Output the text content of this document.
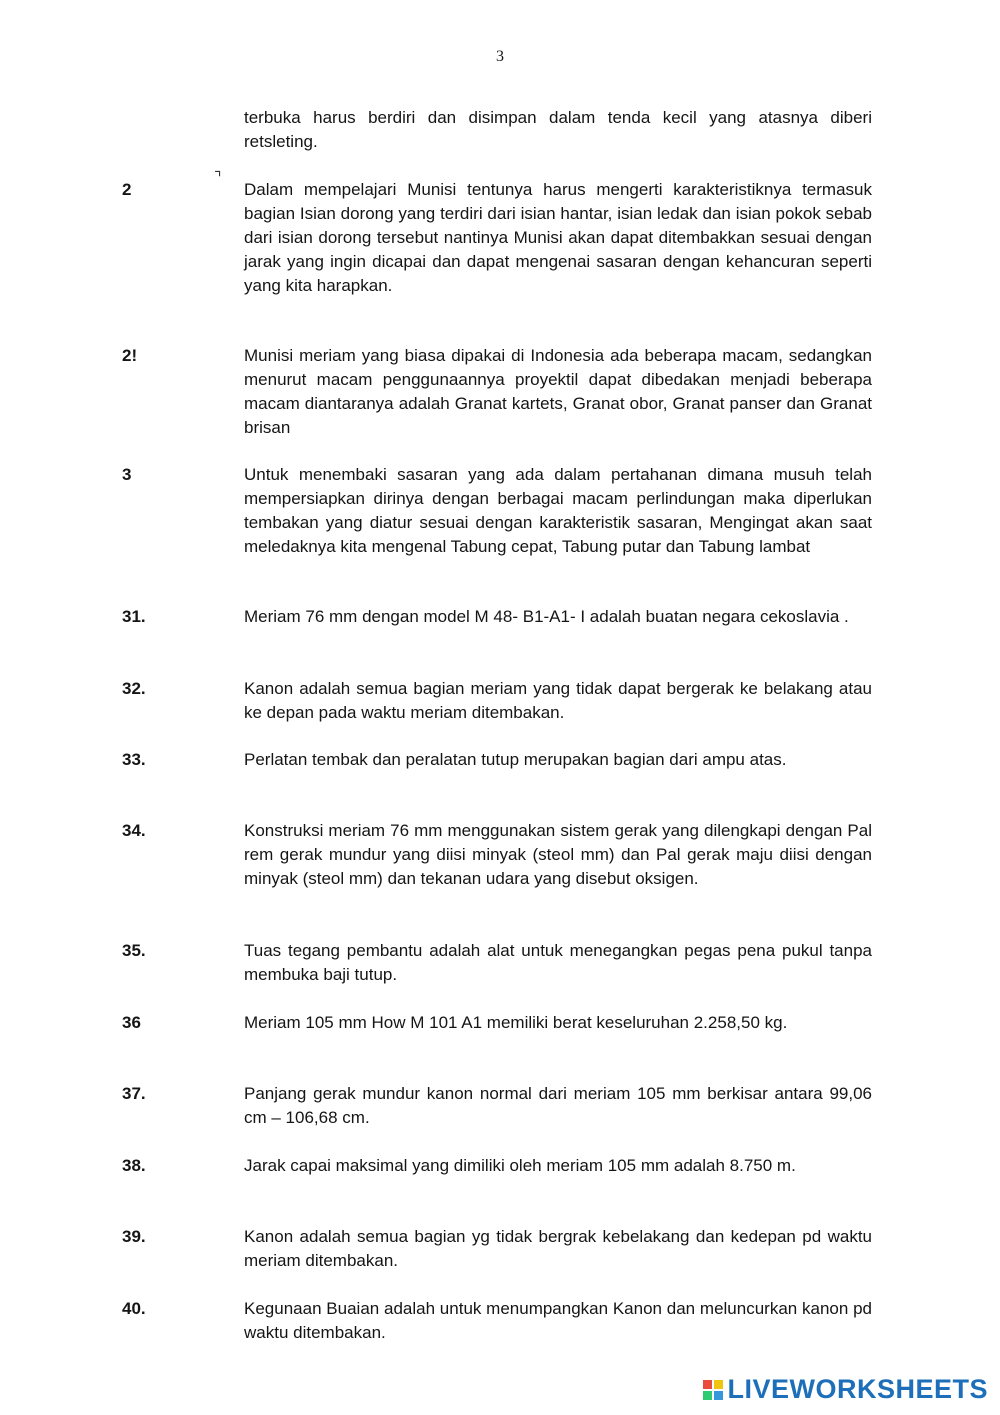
3

terbuka harus berdiri dan disimpan dalam tenda kecil yang atasnya diberi retsleting.

⌝
2	Dalam mempelajari Munisi tentunya harus mengerti karakteristiknya termasuk bagian Isian dorong yang terdiri dari isian hantar, isian ledak dan isian pokok sebab dari isian dorong tersebut nantinya Munisi akan dapat ditembakkan sesuai dengan jarak yang ingin dicapai dan dapat mengenai sasaran dengan kehancuran seperti yang kita harapkan.

2!	Munisi meriam yang biasa dipakai di Indonesia ada beberapa macam, sedangkan menurut macam penggunaannya proyektil dapat dibedakan menjadi beberapa macam diantaranya adalah Granat kartets, Granat obor, Granat panser dan Granat brisan

3	Untuk menembaki sasaran yang ada dalam pertahanan dimana musuh telah mempersiapkan dirinya dengan berbagai macam perlindungan maka diperlukan tembakan yang diatur sesuai dengan karakteristik sasaran, Mengingat akan saat meledaknya kita mengenal Tabung cepat, Tabung putar dan Tabung lambat

31.	Meriam 76 mm dengan model M 48- B1-A1- I adalah buatan negara cekoslavia .

32.	Kanon adalah semua bagian meriam yang tidak dapat bergerak ke belakang atau ke depan pada waktu meriam ditembakan.

33.	Perlatan tembak dan peralatan tutup merupakan bagian dari ampu atas.

34.	Konstruksi meriam 76 mm menggunakan sistem gerak yang dilengkapi dengan Pal rem gerak mundur yang diisi minyak (steol mm) dan Pal gerak maju diisi dengan minyak (steol mm) dan tekanan udara yang disebut oksigen.

35.	Tuas tegang pembantu adalah alat untuk menegangkan pegas pena pukul tanpa membuka baji tutup.

36	Meriam 105 mm How M 101 A1 memiliki berat keseluruhan 2.258,50 kg.

37.	Panjang gerak mundur kanon normal dari meriam 105 mm berkisar antara 99,06 cm – 106,68 cm.

38.	Jarak capai maksimal yang dimiliki oleh meriam 105 mm adalah 8.750 m.

39.	Kanon adalah semua bagian yg tidak bergrak kebelakang dan kedepan pd waktu meriam ditembakan.

40.	Kegunaan Buaian adalah untuk menumpangkan Kanon dan meluncurkan kanon pd waktu ditembakan.

LIVEWORKSHEETS
